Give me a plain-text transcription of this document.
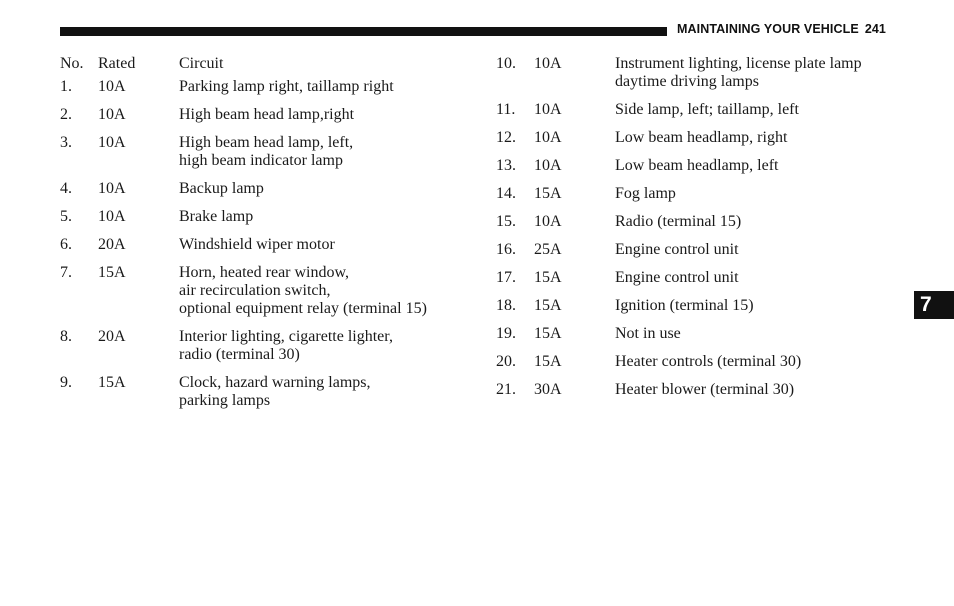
MAINTAINING YOUR VEHICLE 241
7
No. Rated	Circuit
1.	10A	Parking lamp right, taillamp right
2.	10A	High beam head lamp,right
3.	10A	High beam head lamp, left,
high beam indicator lamp
4.	10A	Backup lamp
5.	10A	Brake lamp
6.	20A	Windshield wiper motor
7.	15A	Horn, heated rear window,
air recirculation switch,
optional equipment relay (terminal 15)
8.	20A	Interior lighting, cigarette lighter,
radio (terminal 30)
9.	15A	Clock, hazard warning lamps,
parking lamps
10.	10A	Instrument lighting, license plate lamp
daytime driving lamps
11.	10A	Side lamp, left; taillamp, left
12.	10A	Low beam headlamp, right
13.	10A	Low beam headlamp, left
14.	15A	Fog lamp
15.	10A	Radio (terminal 15)
16.	25A	Engine control unit
17.	15A	Engine control unit
18.	15A	Ignition (terminal 15)
19.	15A	Not in use
20.	15A	Heater controls (terminal 30)
21.	30A	Heater blower (terminal 30)
